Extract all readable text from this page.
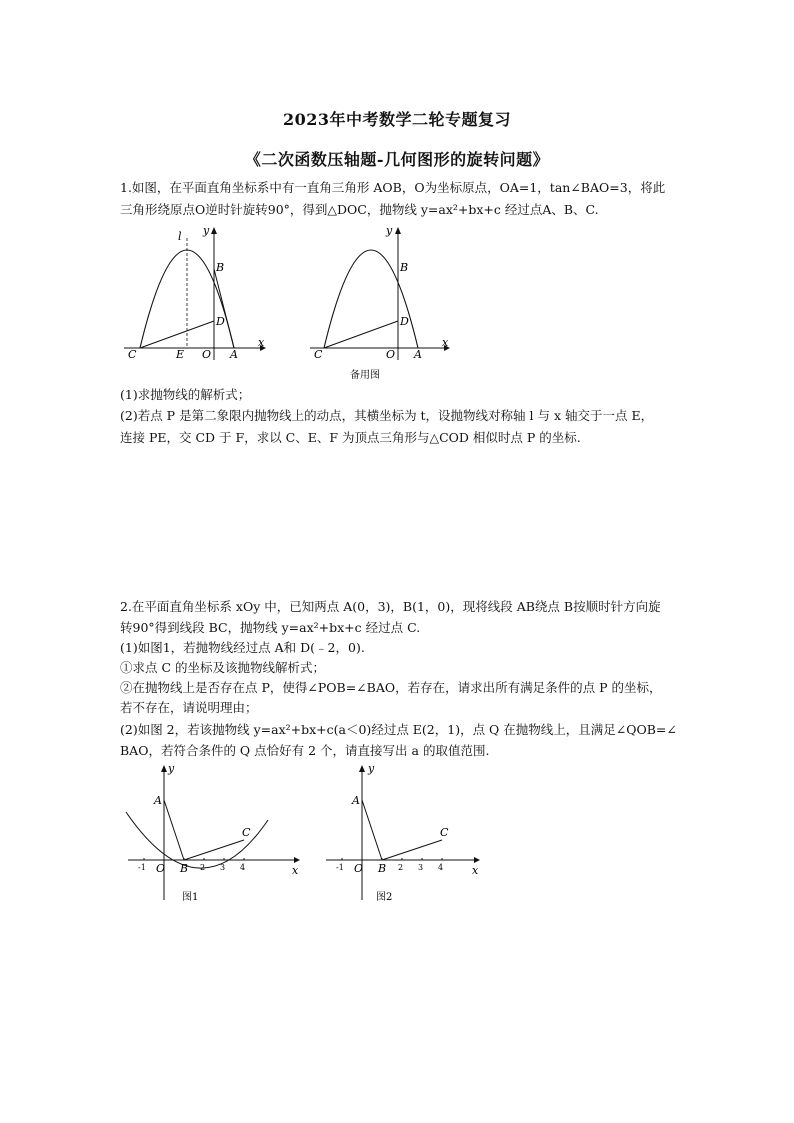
2023年中考数学二轮专题复习
《二次函数压轴题-几何图形的旋转问题》
1.如图，在平面直角坐标系中有一直角三角形 AOB，O为坐标原点，OA=1，tan∠BAO=3，将此
三角形绕原点O逆时针旋转90°，得到△DOC，抛物线 y=ax²+bx+c 经过点A、B、C.
l y
B
D
C	E O A
x
y
B
D
C	O A
x
备用图
(1)求抛物线的解析式；
(2)若点 P 是第二象限内抛物线上的动点，其横坐标为 t，设抛物线对称轴 l 与 x 轴交于一点 E，
连接 PE，交 CD 于 F，求以 C、E、F 为顶点三角形与△COD 相似时点 P 的坐标.
2.在平面直角坐标系 xOy 中，已知两点 A(0，3)，B(1，0)，现将线段 AB绕点 B按顺时针方向旋
转90°得到线段 BC，抛物线 y=ax²+bx+c 经过点 C.
(1)如图1，若抛物线经过点 A和 D(﹣2，0).
①求点 C 的坐标及该抛物线解析式；
②在抛物线上是否存在点 P，使得∠POB=∠BAO，若存在，请求出所有满足条件的点 P 的坐标，
若不存在，请说明理由；
(2)如图 2，若该抛物线 y=ax²+bx+c(a＜0)经过点 E(2，1)，点 Q 在抛物线上，且满足∠QOB=∠
BAO，若符合条件的 Q 点恰好有 2 个，请直接写出 a 的取值范围.
y
A
B
C
O	x
-1	2 3 4
图1
y
A
B
C
O	x
-1	2 3 4
图2
